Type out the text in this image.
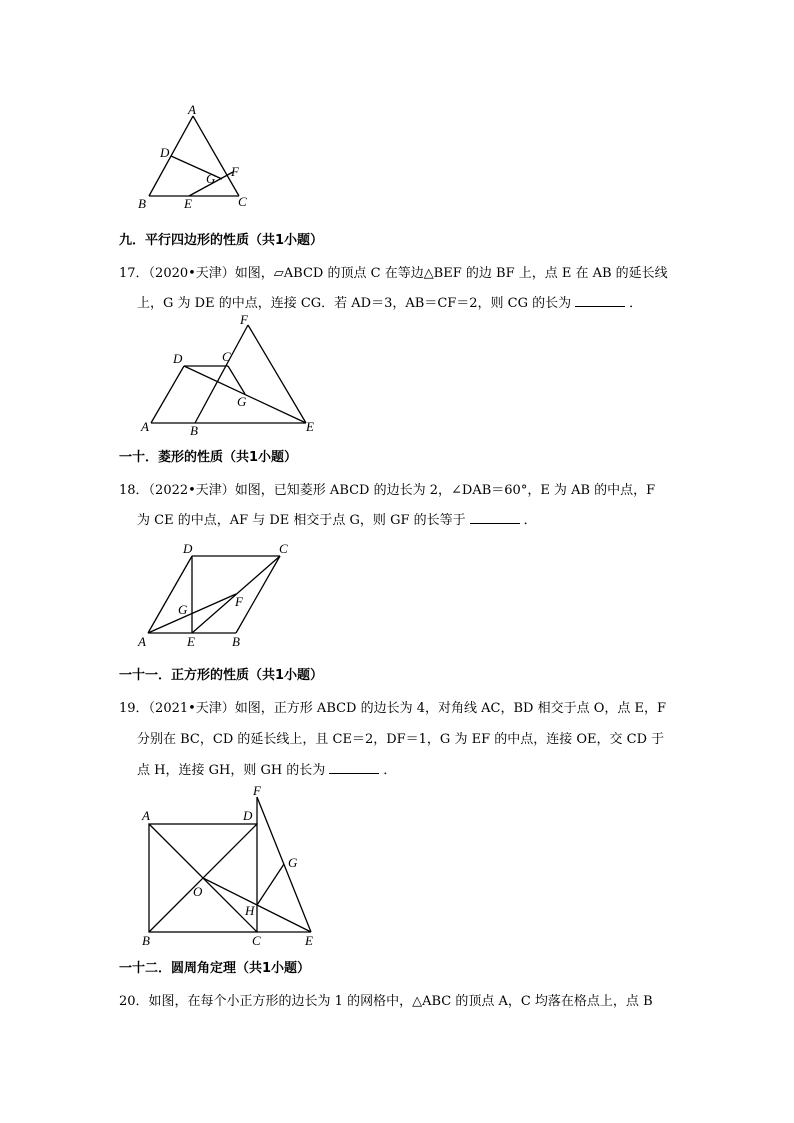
A
D
G F
B	E	C
九．平行四边形的性质（共1小题）
17．（2020•天津）如图，▱ABCD 的顶点 C 在等边△BEF 的边 BF 上，点 E 在 AB 的延长线
上，G 为 DE 的中点，连接 CG．若 AD＝3，AB＝CF＝2，则 CG 的长为	．
F
D	C
G
A	B	E
一十．菱形的性质（共1小题）
18．（2022•天津）如图，已知菱形 ABCD 的边长为 2，∠DAB＝60°，E 为 AB 的中点，F
为 CE 的中点，AF 与 DE 相交于点 G，则 GF 的长等于	．
D	C
F
G
A	E	B
一十一．正方形的性质（共1小题）
19．（2021•天津）如图，正方形 ABCD 的边长为 4，对角线 AC，BD 相交于点 O，点 E，F
分别在 BC，CD 的延长线上，且 CE＝2，DF＝1，G 为 EF 的中点，连接 OE，交 CD 于
点 H，连接 GH，则 GH 的长为	．
F
A	D
G
O
H
B	C	E
一十二．圆周角定理（共1小题）
20．如图，在每个小正方形的边长为 1 的网格中，△ABC 的顶点 A，C 均落在格点上，点 B
